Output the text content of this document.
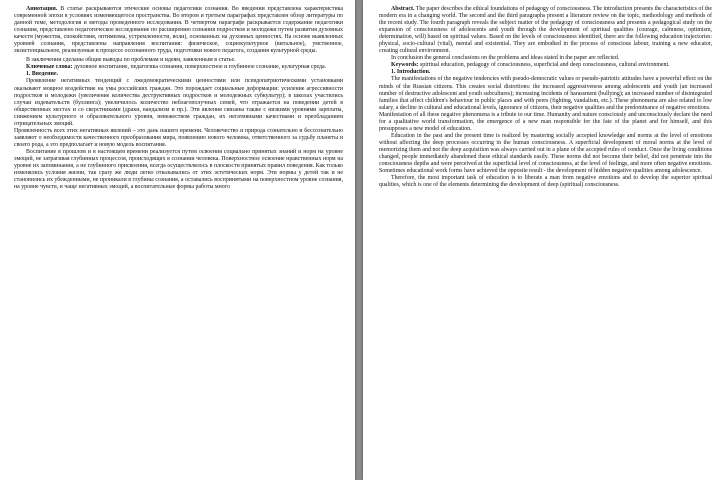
Аннотация. В статье раскрываются этические основы педагогики сознания. Во введении представлена характеристика современной эпохи в условиях изменяющегося пространства. Во втором и третьем параграфах представлен обзор литературы по данной теме, методология и методы проведенного исследования. В четвертом параграфе раскрывается содержание педагогики сознания, представлено педагогическое исследование по расширению сознания подростков и молодежи путем развития духовных качеств (мужества, спокойствия, оптимизма, устремленности, воли), основанных на духовных ценностях. На основе выявленных уровней сознания, представлены направления воспитания: физическое, социокультурное (витальное), умственное, экзистенциальное, реализуемые в процессе осознанного труда, подготовки нового педагога, создания культурной среды.

В заключении сделаны общие выводы по проблемам и идеям, заявленным в статье.

Ключевые слова: духовное воспитание, педагогика сознания, поверхностное и глубинное сознание, культурная среда.

1. Введение.

Проявление негативных тенденций с лжедемократическими ценностями или псевдопатриотическими установками оказывают мощное воздействие на умы российских граждан. Это порождает социальные деформации: усиление агрессивности подростков и молодежи (увеличение количества деструктивных подростков и молодежных субкультур); в школах участились случаи издевательств (буллинга); увеличилось количество неблагополучных семей, что отражается на поведении детей в общественных местах и со сверстниками (драки, вандализм и пр.). Эти явления связаны также с низкими уровнями зарплаты, снижением культурного и образовательного уровня, невежеством граждан, их негативными качествами и преобладанием отрицательных эмоций.

Проявленность всех этих негативных явлений – это дань нашего времени. Человечество и природа сознательно и бессознательно заявляют о необходимости качественного преобразования мира, появлению нового человека, ответственного за судьбу планеты и своего рода, а это предполагает и новую модель воспитания.

Воспитание в прошлом и в настоящем времени реализуется путем освоения социально принятых знаний и норм на уровне эмоций, не затрагивая глубинных процессов, происходящих в сознании человека. Поверхностное освоение нравственных норм на уровне их запоминания, а не глубинного присвоения, всегда осуществлялось в плоскости принятых правил поведения. Как только изменялись условия жизни, так сразу же люди легко отказывались от этих эстетических норм. Эти нормы у детей так и не становились их убежденными, не проникали в глубины сознания, а оставались воспринятыми на поверхностном уровне сознания, на уровне чувств, и чаще негативных эмоций, а воспитательные формы работы много

Abstract. The paper describes the ethical foundations of pedagogy of consciousness. The introduction presents the characteristics of the modern era in a changing world. The second and the third paragraphs present a literature review on the topic, methodology and methods of the recent study. The fourth paragraph reveals the subject matter of the pedagogy of consciousness and presents a pedagogical study on the expansion of consciousness of adolescents and youth through the development of spiritual qualities (courage, calmness, optimism, determination, will) based on spiritual values. Based on the levels of consciousness identified, there are the following education trajectories: physical, socio-cultural (vital), mental and existential. They are embodied in the process of conscious labour, training a new educator, creating cultural environment.

In conclusion the general conclusions on the problems and ideas stated in the paper are reflected.

Keywords: spiritual education, pedagogy of consciousness, superficial and deep consciousness, cultural environment.

1. Introduction.

The manifestations of the negative tendencies with pseudo-democratic values or pseudo-patriotic attitudes have a powerful effect on the minds of the Russian citizens. This creates social distortions: the increased aggressiveness among adolescents and youth (an increased number of destructive adolescent and youth subcultures); increasing incidents of harassment (bullying); an increased number of disintegrated families that affect children's behaviour in public places and with peers (fighting, vandalism, etc.). These phenomena are also related to low salary, a decline in cultural and educational levels, ignorance of citizens, their negative qualities and the predominance of negative emotions.

Manifestation of all these negative phenomena is a tribute to our time. Humanity and nature consciously and unconsciously declare the need for a qualitative world transformation, the emergence of a new man responsible for the fate of the planet and for himself, and this presupposes a new model of education.

Education in the past and the present time is realized by mastering socially accepted knowledge and norms at the level of emotions without affecting the deep processes occurring in the human consciousness. A superficial development of moral norms at the level of memorizing them and not the deep acquisition was always carried out in a plane of the accepted rules of conduct. Once the living conditions changed, people immediately abandoned these ethical standards easily. These norms did not become their belief, did not penetrate into the consciousness depths and were perceived at the superficial level of consciousness, at the level of feelings, and more often negative emotions. Sometimes educational work forms have achieved the opposite result - the development of hidden negative qualities among adolescence.

Therefore, the most important task of education is to liberate a man from negative emotions and to develop the superior spiritual qualities, which is one of the elements determining the development of deep (spiritual) consciousness.
